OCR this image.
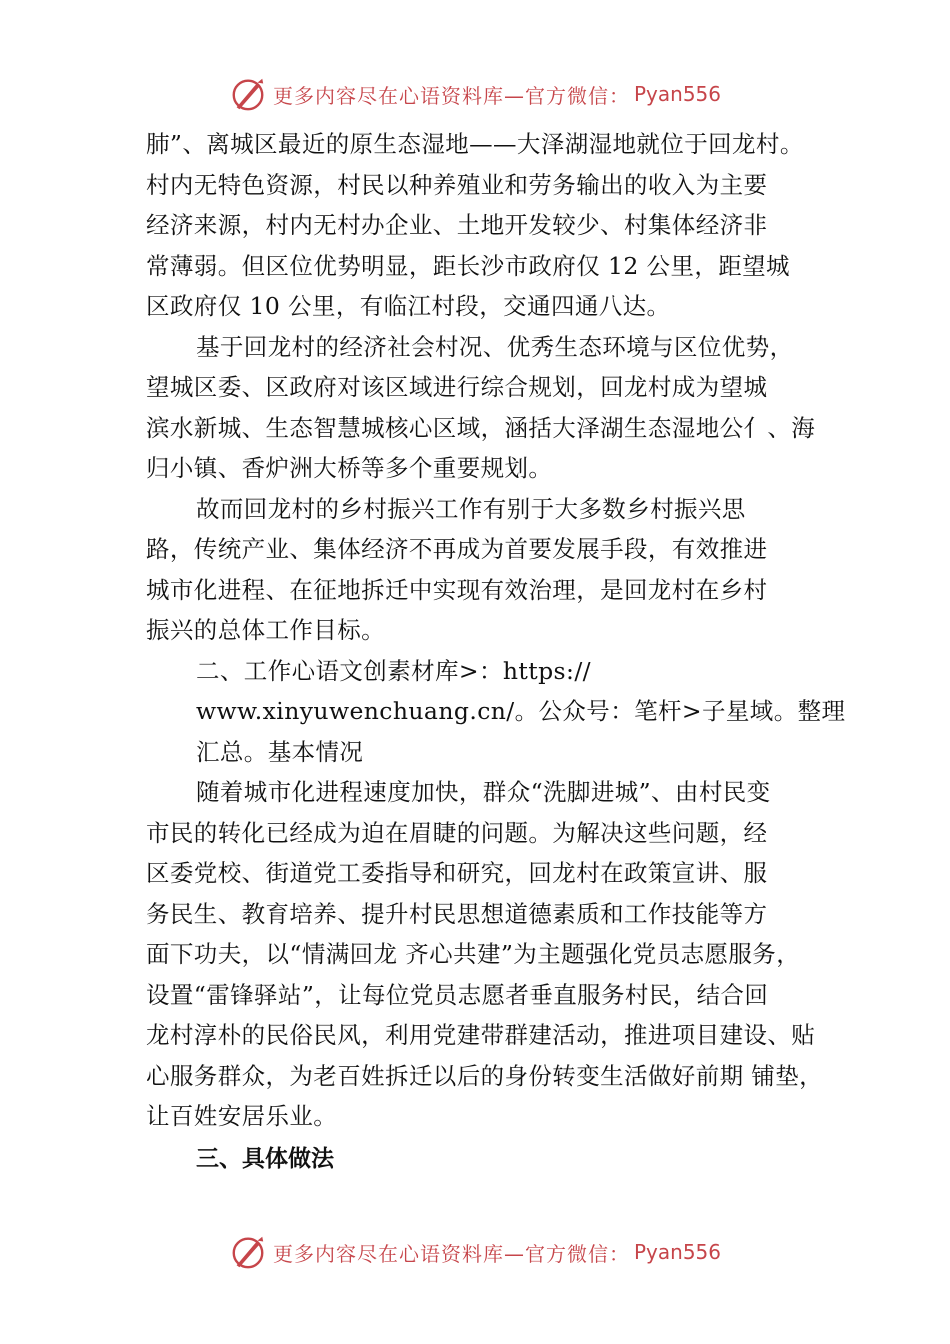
更多内容尽在心语资料库—官方微信： Pyan556
肺”、离城区最近的原生态湿地——大泽湖湿地就位于回龙村。
村内无特色资源，村民以种养殖业和劳务输出的收入为主要
经济来源，村内无村办企业、土地开发较少、村集体经济非
常薄弱。但区位优势明显，距长沙市政府仅 12 公里，距望城
区政府仅 10 公里，有临江村段，交通四通八达。
基于回龙村的经济社会村况、优秀生态环境与区位优势，
望城区委、区政府对该区域进行综合规划，回龙村成为望城
滨水新城、生态智慧城核心区域，涵括大泽湖生态湿地公⺅、海
归小镇、香炉洲大桥等多个重要规划。
故而回龙村的乡村振兴工作有别于大多数乡村振兴思
路，传统产业、集体经济不再成为首要发展手段，有效推进
城市化进程、在征地拆迁中实现有效治理，是回龙村在乡村
振兴的总体工作目标。
二、工作心语文创素材库>：https://
www.xinyuwenchuang.cn/。公众号：笔杆>子星域。整理
汇总。基本情况
随着城市化进程速度加快，群众“洗脚进城”、由村民变
市民的转化已经成为迫在眉睫的问题。为解决这些问题，经
区委党校、街道党工委指导和研究，回龙村在政策宣讲、服
务民生、教育培养、提升村民思想道德素质和工作技能等方
面下功夫，以“情满回龙 齐心共建”为主题强化党员志愿服务，
设置“雷锋驿站”，让每位党员志愿者垂直服务村民，结合回
龙村淳朴的民俗民风，利用党建带群建活动，推进项目建设、贴
心服务群众，为老百姓拆迁以后的身份转变生活做好前期 铺垫，
让百姓安居乐业。
三、具体做法
更多内容尽在心语资料库—官方微信： Pyan556
